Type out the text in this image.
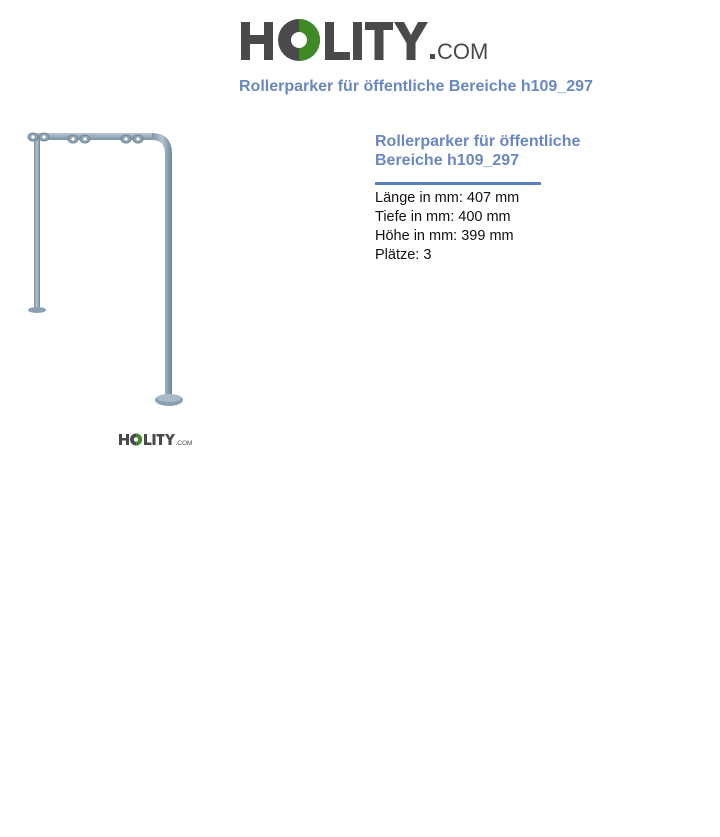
COM
Rollerparker für öffentliche Bereiche h109_297
.COM

Rollerparker für öffentliche
Bereiche h109_297

Länge in mm: 407 mm
Tiefe in mm: 400 mm
Höhe in mm: 399 mm
Plätze: 3
